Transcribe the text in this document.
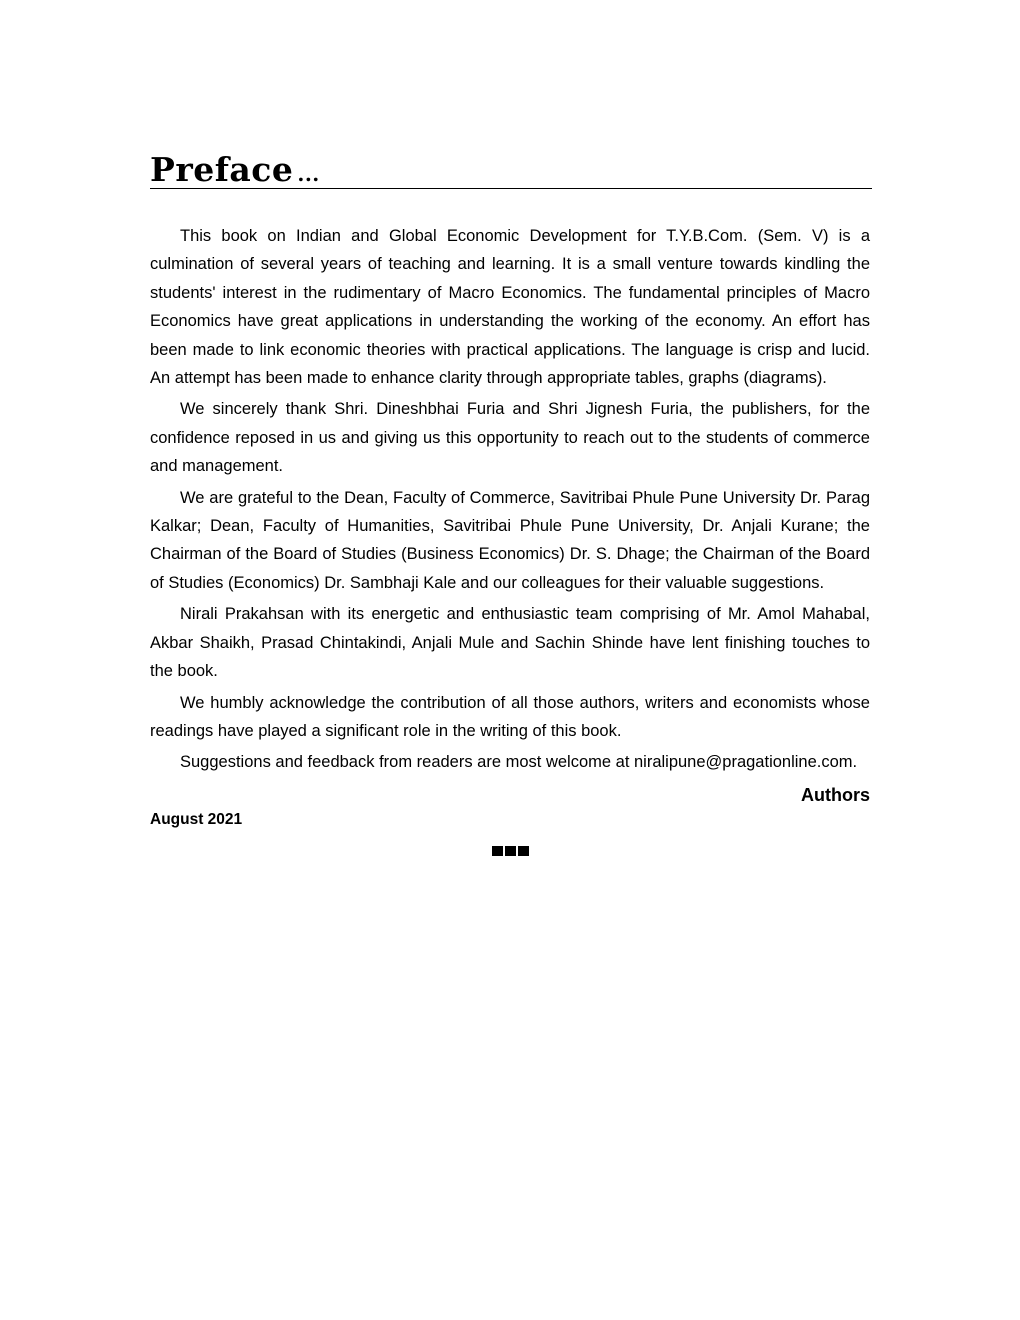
Preface ...

This book on Indian and Global Economic Development for T.Y.B.Com. (Sem. V) is a culmination of several years of teaching and learning. It is a small venture towards kindling the students' interest in the rudimentary of Macro Economics. The fundamental principles of Macro Economics have great applications in understanding the working of the economy. An effort has been made to link economic theories with practical applications. The language is crisp and lucid. An attempt has been made to enhance clarity through appropriate tables, graphs (diagrams).

We sincerely thank Shri. Dineshbhai Furia and Shri Jignesh Furia, the publishers, for the confidence reposed in us and giving us this opportunity to reach out to the students of commerce and management.

We are grateful to the Dean, Faculty of Commerce, Savitribai Phule Pune University Dr. Parag Kalkar; Dean, Faculty of Humanities, Savitribai Phule Pune University, Dr. Anjali Kurane; the Chairman of the Board of Studies (Business Economics) Dr. S. Dhage; the Chairman of the Board of Studies (Economics) Dr. Sambhaji Kale and our colleagues for their valuable suggestions.

Nirali Prakahsan with its energetic and enthusiastic team comprising of Mr. Amol Mahabal, Akbar Shaikh, Prasad Chintakindi, Anjali Mule and Sachin Shinde have lent finishing touches to the book.

We humbly acknowledge the contribution of all those authors, writers and economists whose readings have played a significant role in the writing of this book.

Suggestions and feedback from readers are most welcome at niralipune@pragationline.com.

Authors
August 2021
